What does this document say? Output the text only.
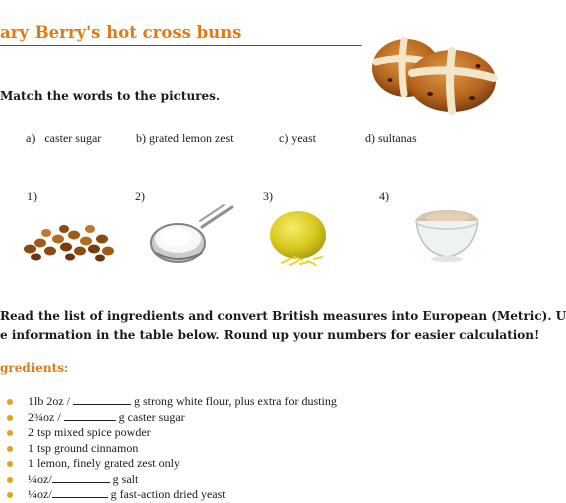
ary Berry's hot cross buns
Match the words to the pictures.
a) caster sugar	b) grated lemon zest	c) yeast	d) sultanas
1)	2)	3)	4)
Read the list of ingredients and convert British measures into European (Metric). U
e information in the table below. Round up your numbers for easier calculation!
gredients:
1lb 2oz /	g strong white flour, plus extra for dusting
2¾oz /	g caster sugar
2 tsp mixed spice powder
1 tsp ground cinnamon
1 lemon, finely grated zest only
¼oz/	g salt
¼oz/	g fast-action dried yeast
